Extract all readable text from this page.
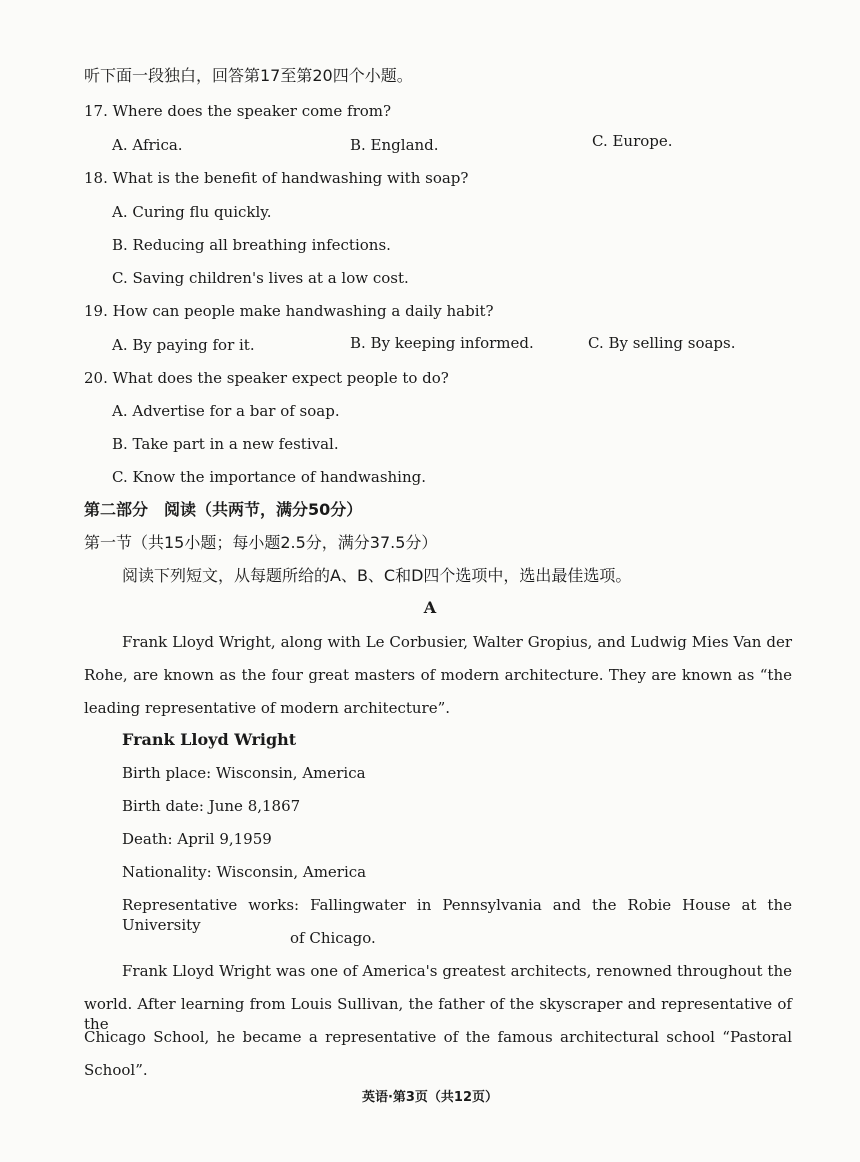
听下面一段独白，回答第17至第20四个小题。
17. Where does the speaker come from?
A. Africa.	B. England.	C. Europe.
18. What is the benefit of handwashing with soap?
A. Curing flu quickly.
B. Reducing all breathing infections.
C. Saving children's lives at a low cost.
19. How can people make handwashing a daily habit?
A. By paying for it.	B. By keeping informed.	C. By selling soaps.
20. What does the speaker expect people to do?
A. Advertise for a bar of soap.
B. Take part in a new festival.
C. Know the importance of handwashing.
第二部分　阅读（共两节，满分50分）
第一节（共15小题；每小题2.5分，满分37.5分）
阅读下列短文，从每题所给的A、B、C和D四个选项中，选出最佳选项。
A
Frank Lloyd Wright, along with Le Corbusier, Walter Gropius, and Ludwig Mies Van der
Rohe, are known as the four great masters of modern architecture. They are known as “the
leading representative of modern architecture”.
Frank Lloyd Wright
Birth place: Wisconsin, America
Birth date: June 8,1867
Death: April 9,1959
Nationality: Wisconsin, America
Representative works: Fallingwater in Pennsylvania and the Robie House at the University
of Chicago.
Frank Lloyd Wright was one of America's greatest architects, renowned throughout the
world. After learning from Louis Sullivan, the father of the skyscraper and representative of the
Chicago School, he became a representative of the famous architectural school “Pastoral
School”.
英语·第3页（共12页）
